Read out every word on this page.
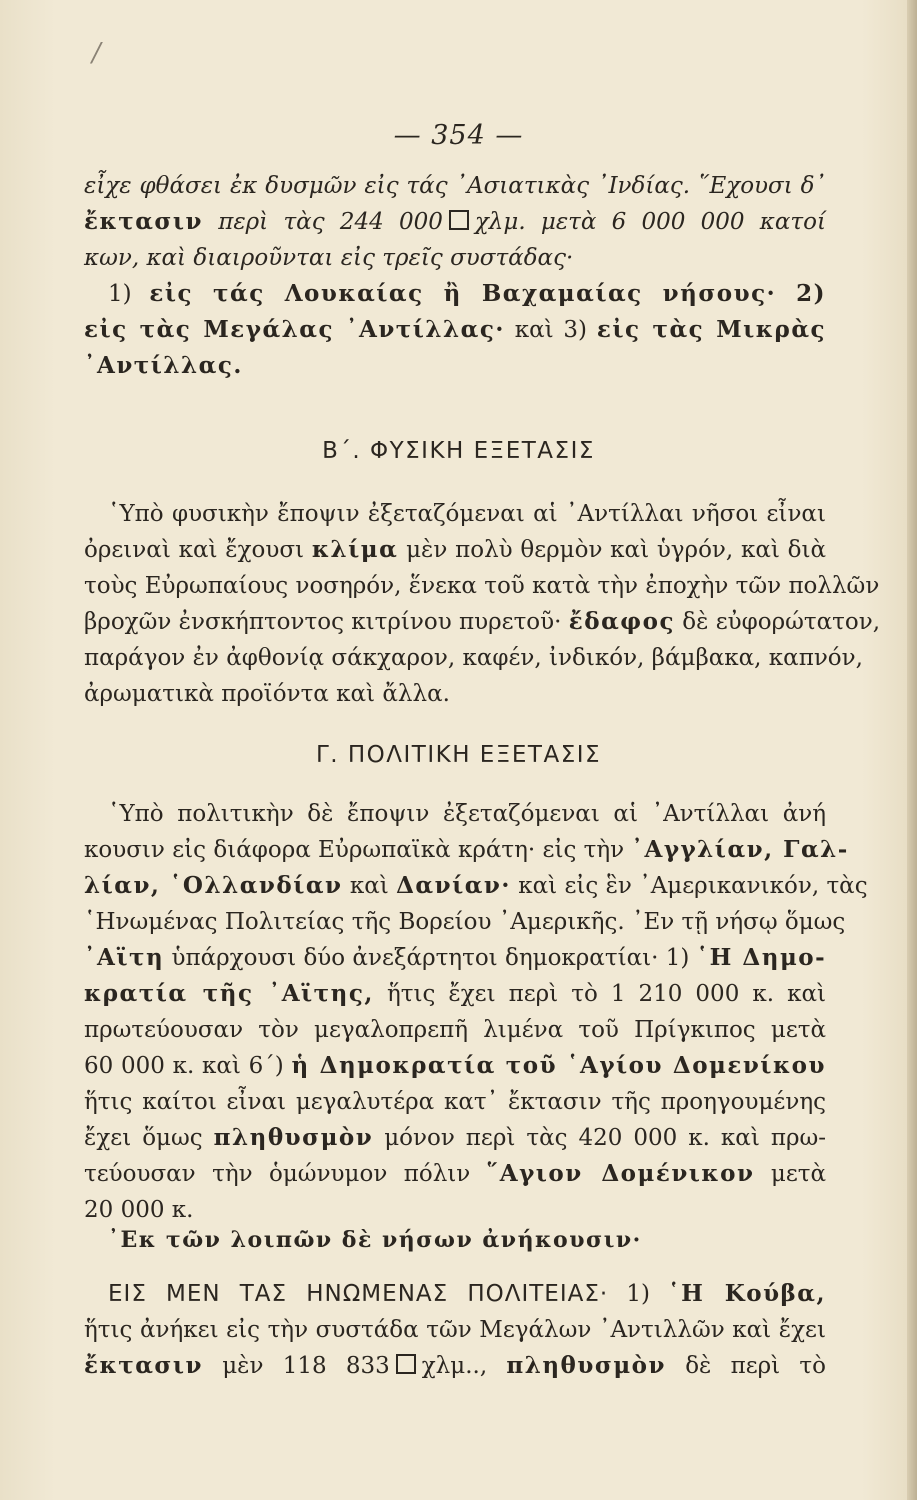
/
— 354 —
εἶχε φθάσει ἐκ δυσμῶν εἰς τάς ᾿Ασιατικὰς ᾿Ινδίας. ῞Εχουσι δ᾿
ἔκτασιν περὶ τὰς 244 000 χλμ. μετὰ 6 000 000 κατοί
κων, καὶ διαιροῦνται εἰς τρεῖς συστάδας·
1) εἰς τάς Λουκαίας ἢ Βαχαμαίας νήσους· 2)
εἰς τὰς Μεγάλας ᾿Αντίλλας· καὶ 3) εἰς τὰς Μικρὰς
᾿Αντίλλας.
Β΄. ΦΥΣΙΚΗ ΕΞΕΤΑΣΙΣ
῾Υπὸ φυσικὴν ἔποψιν ἐξεταζόμεναι αἱ ᾿Αντίλλαι νῆσοι εἶναι
ὀρειναὶ καὶ ἔχουσι κλίμα μὲν πολὺ θερμὸν καὶ ὑγρόν, καὶ διὰ
τοὺς Εὐρωπαίους νοσηρόν, ἕνεκα τοῦ κατὰ τὴν ἐποχὴν τῶν πολλῶν
βροχῶν ἐνσκήπτοντος κιτρίνου πυρετοῦ· ἔδαφος δὲ εὐφορώτατον,
παράγον ἐν ἀφθονίᾳ σάκχαρον, καφέν, ἰνδικόν, βάμβακα, καπνόν,
ἀρωματικὰ προϊόντα καὶ ἄλλα.
Γ. ΠΟΛΙΤΙΚΗ ΕΞΕΤΑΣΙΣ
῾Υπὸ πολιτικὴν δὲ ἔποψιν ἐξεταζόμεναι αἱ ᾿Αντίλλαι ἀνή
κουσιν εἰς διάφορα Εὐρωπαϊκὰ κράτη· εἰς τὴν ᾿Αγγλίαν, Γαλ-
λίαν, ῾Ολλανδίαν καὶ Δανίαν· καὶ εἰς ἓν ᾿Αμερικανικόν, τὰς
῾Ηνωμένας Πολιτείας τῆς Βορείου ᾿Αμερικῆς. ᾿Εν τῇ νήσῳ ὅμως
᾿Αϊτη ὑπάρχουσι δύο ἀνεξάρτητοι δημοκρατίαι· 1) ῾Η Δημο-
κρατία τῆς ᾿Αϊτης, ἥτις ἔχει περὶ τὸ 1 210 000 κ. καὶ
πρωτεύουσαν τὸν μεγαλοπρεπῆ λιμένα τοῦ Πρίγκιπος μετὰ
60 000 κ. καὶ 6΄) ἡ Δημοκρατία τοῦ ῾Αγίου Δομενίκου
ἥτις καίτοι εἶναι μεγαλυτέρα κατ᾿ ἔκτασιν τῆς προηγουμένης
ἔχει ὅμως πληθυσμὸν μόνον περὶ τὰς 420 000 κ. καὶ πρω-
τεύουσαν τὴν ὁμώνυμον πόλιν ῞Αγιον Δομένικον μετὰ
20 000 κ.
᾿Εκ τῶν λοιπῶν δὲ νήσων ἀνήκουσιν·
ΕΙΣ ΜΕΝ ΤΑΣ ΗΝΩΜΕΝΑΣ ΠΟΛΙΤΕΙΑΣ· 1) ῾Η Κούβα,
ἥτις ἀνήκει εἰς τὴν συστάδα τῶν Μεγάλων ᾿Αντιλλῶν καὶ ἔχει
ἔκτασιν μὲν 118 833 χλμ.., πληθυσμὸν δὲ περὶ τὸ
